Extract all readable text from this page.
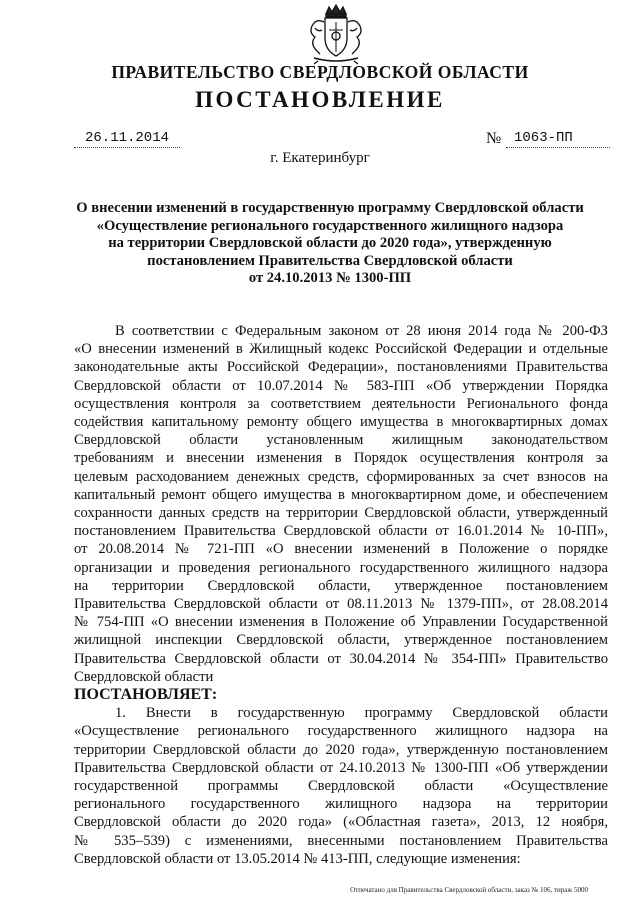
ПРАВИТЕЛЬСТВО СВЕРДЛОВСКОЙ ОБЛАСТИ
ПОСТАНОВЛЕНИЕ
26.11.2014	№ 1063-ПП
г. Екатеринбург
О внесении изменений в государственную программу Свердловской области
«Осуществление регионального государственного жилищного надзора
на территории Свердловской области до 2020 года», утвержденную
постановлением Правительства Свердловской области
от 24.10.2013 № 1300-ПП
В соответствии с Федеральным законом от 28 июня 2014 года № 200-ФЗ
«О внесении изменений в Жилищный кодекс Российской Федерации и отдельные
законодательные акты Российской Федерации», постановлениями Правительства
Свердловской области от 10.07.2014 № 583-ПП «Об утверждении Порядка
осуществления контроля за соответствием деятельности Регионального фонда
содействия капитальному ремонту общего имущества в многоквартирных домах
Свердловской области установленным жилищным законодательством
требованиям и внесении изменения в Порядок осуществления контроля за
целевым расходованием денежных средств, сформированных за счет взносов на
капитальный ремонт общего имущества в многоквартирном доме, и обеспечением
сохранности данных средств на территории Свердловской области, утвержденный
постановлением Правительства Свердловской области от 16.01.2014 № 10-ПП»,
от 20.08.2014 № 721-ПП «О внесении изменений в Положение о порядке
организации и проведения регионального государственного жилищного надзора
на территории Свердловской области, утвержденное постановлением
Правительства Свердловской области от 08.11.2013 № 1379-ПП», от 28.08.2014
№ 754-ПП «О внесении изменения в Положение об Управлении Государственной
жилищной инспекции Свердловской области, утвержденное постановлением
Правительства Свердловской области от 30.04.2014 № 354-ПП» Правительство
Свердловской области
ПОСТАНОВЛЯЕТ:
1. Внести в государственную программу Свердловской области
«Осуществление регионального государственного жилищного надзора на
территории Свердловской области до 2020 года», утвержденную постановлением
Правительства Свердловской области от 24.10.2013 № 1300-ПП «Об утверждении
государственной программы Свердловской области «Осуществление
регионального государственного жилищного надзора на территории
Свердловской области до 2020 года» («Областная газета», 2013, 12 ноября,
№ 535–539) с изменениями, внесенными постановлением Правительства
Свердловской области от 13.05.2014 № 413-ПП, следующие изменения:
Отпечатано для Правительства Свердловской области, заказ № 106, тираж 5000
